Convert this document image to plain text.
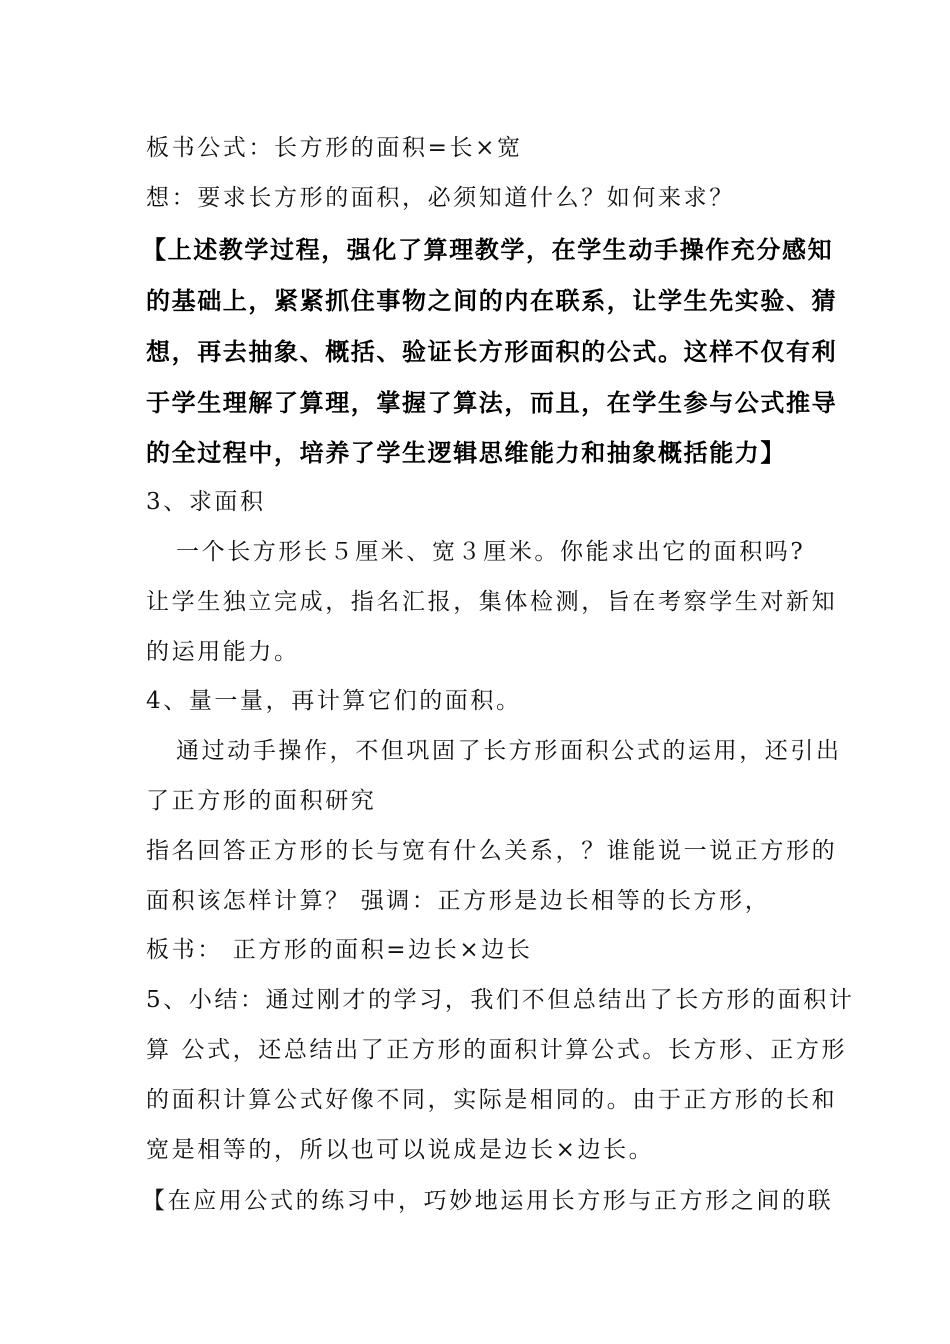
板书公式：长方形的面积=长×宽
想：要求长方形的面积，必须知道什么？如何来求？
【上述教学过程，强化了算理教学，在学生动手操作充分感知
的基础上，紧紧抓住事物之间的内在联系，让学生先实验、猜
想，再去抽象、概括、验证长方形面积的公式。这样不仅有利
于学生理解了算理，掌握了算法，而且，在学生参与公式推导
的全过程中，培养了学生逻辑思维能力和抽象概括能力】
3、求面积
一个长方形长５厘米、宽３厘米。你能求出它的面积吗?
让学生独立完成，指名汇报，集体检测，旨在考察学生对新知
的运用能力。
4、量一量，再计算它们的面积。
通过动手操作，不但巩固了长方形面积公式的运用，还引出
了正方形的面积研究
指名回答正方形的长与宽有什么关系，？谁能说一说正方形的
面积该怎样计算？ 强调：正方形是边长相等的长方形，
板书： 正方形的面积=边长×边长
5、小结：通过刚才的学习，我们不但总结出了长方形的面积计
算 公式，还总结出了正方形的面积计算公式。长方形、正方形
的面积计算公式好像不同，实际是相同的。由于正方形的长和
宽是相等的，所以也可以说成是边长×边长。
【在应用公式的练习中，巧妙地运用长方形与正方形之间的联
